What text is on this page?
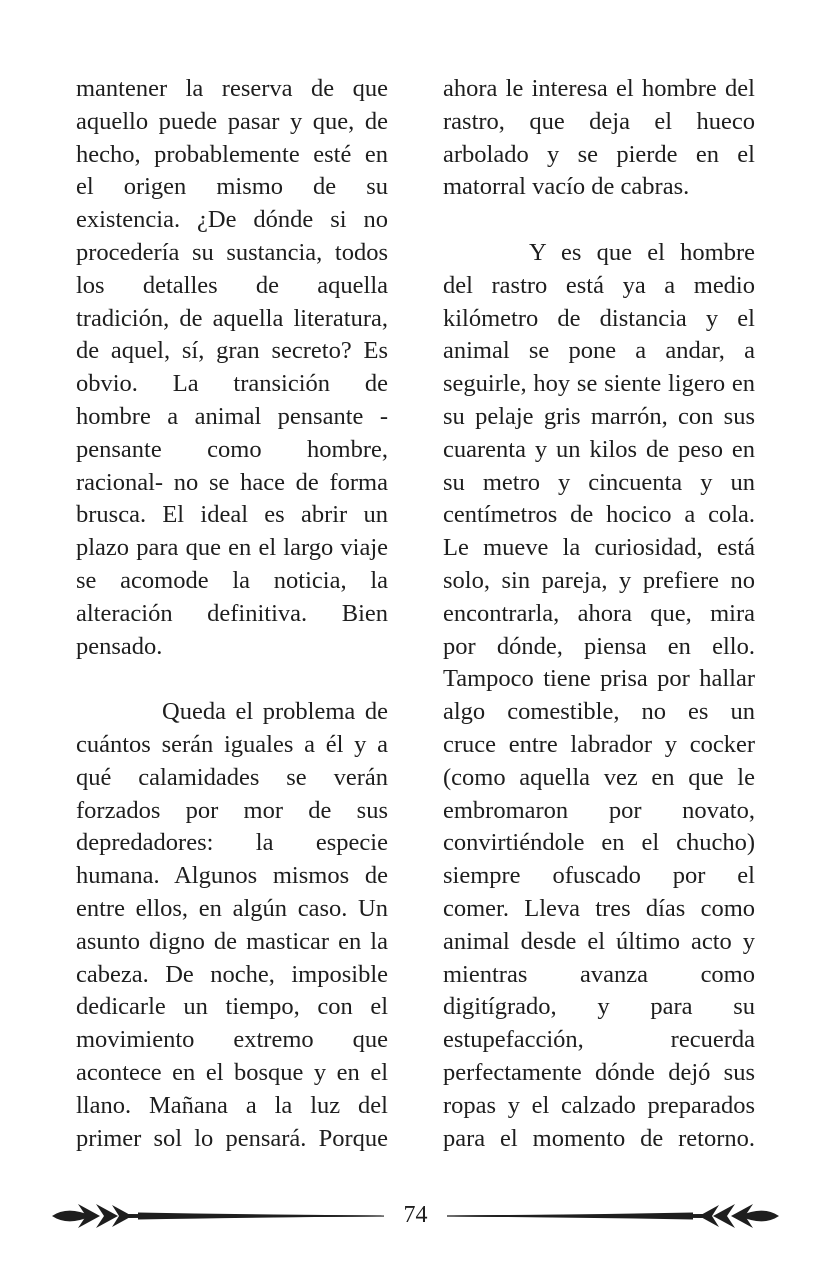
mantener la reserva de que
aquello puede pasar y que, de
hecho, probablemente esté en
el origen mismo de su
existencia. ¿De dónde si no
procedería su sustancia, todos
los detalles de aquella
tradición, de aquella literatura,
de aquel, sí, gran secreto? Es
obvio. La transición de
hombre a animal pensante -
pensante como hombre,
racional- no se hace de forma
brusca. El ideal es abrir un
plazo para que en el largo viaje
se acomode la noticia, la
alteración definitiva. Bien
pensado.
Queda el problema de
cuántos serán iguales a él y a
qué calamidades se verán
forzados por mor de sus
depredadores: la especie
humana. Algunos mismos de
entre ellos, en algún caso. Un
asunto digno de masticar en la
cabeza. De noche, imposible
dedicarle un tiempo, con el
movimiento extremo que
acontece en el bosque y en el
llano. Mañana a la luz del
primer sol lo pensará. Porque
ahora le interesa el hombre del
rastro, que deja el hueco
arbolado y se pierde en el
matorral vacío de cabras.
Y es que el hombre
del rastro está ya a medio
kilómetro de distancia y el
animal se pone a andar, a
seguirle, hoy se siente ligero en
su pelaje gris marrón, con sus
cuarenta y un kilos de peso en
su metro y cincuenta y un
centímetros de hocico a cola.
Le mueve la curiosidad, está
solo, sin pareja, y prefiere no
encontrarla, ahora que, mira
por dónde, piensa en ello.
Tampoco tiene prisa por hallar
algo comestible, no es un
cruce entre labrador y cocker
(como aquella vez en que le
embromaron por novato,
convirtiéndole en el chucho)
siempre ofuscado por el
comer. Lleva tres días como
animal desde el último acto y
mientras avanza como
digitígrado, y para su
estupefacción, recuerda
perfectamente dónde dejó sus
ropas y el calzado preparados
para el momento de retorno.
74
